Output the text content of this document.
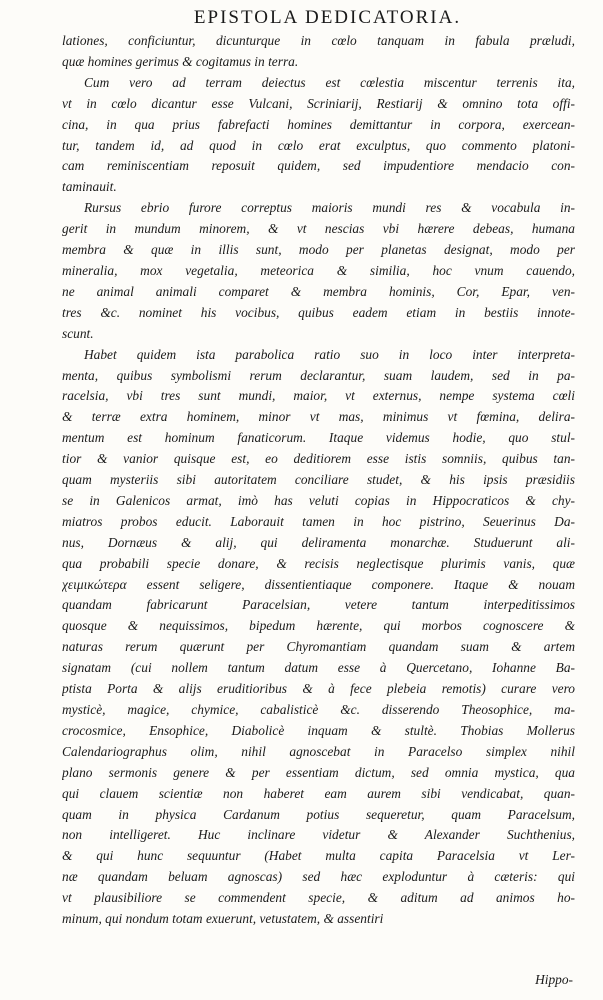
EPISTOLA DEDICATORIA.

lationes, conficiuntur, dicunturque in cœlo tanquam in fabula præludi,
quæ homines gerimus & cogitamus in terra.

Cum vero ad terram deiectus est cœlestia miscentur terrenis ita,
vt in cœlo dicantur esse Vulcani, Scriniarij, Restiarij & omnino tota offi-
cina, in qua prius fabrefacti homines demittantur in corpora, exercean-
tur, tandem id, ad quod in cœlo erat exculptus, quo commento platoni-
cam reminiscentiam reposuit quidem, sed impudentiore mendacio con-
taminauit.

Rursus ebrio furore correptus maioris mundi res & vocabula in-
gerit in mundum minorem, & vt nescias vbi hærere debeas, humana
membra & quæ in illis sunt, modo per planetas designat, modo per
mineralia, mox vegetalia, meteorica & similia, hoc vnum cauendo,
ne animal animali comparet & membra hominis, Cor, Epar, ven-
tres &c. nominet his vocibus, quibus eadem etiam in bestiis innote-
scunt.

Habet quidem ista parabolica ratio suo in loco inter interpreta-
menta, quibus symbolismi rerum declarantur, suam laudem, sed in pa-
racelsia, vbi tres sunt mundi, maior, vt externus, nempe systema cœli
& terræ extra hominem, minor vt mas, minimus vt fœmina, delira-
mentum est hominum fanaticorum. Itaque videmus hodie, quo stul-
tior & vanior quisque est, eo deditiorem esse istis somniis, quibus tan-
quam mysteriis sibi autoritatem conciliare studet, & his ipsis præsidiis
se in Galenicos armat, imò has veluti copias in Hippocraticos & chy-
miatros probos educit. Laborauit tamen in hoc pistrino, Seuerinus Da-
nus, Dornæus & alij, qui deliramenta monarchæ. Studuerunt ali-
qua probabili specie donare, & recisis neglectisque plurimis vanis, quæ
χειμικώτερα essent seligere, dissentientiaque componere. Itaque & nouam
quandam fabricarunt Paracelsian, vetere tantum interpeditissimos
quosque & nequissimos, bipedum hærente, qui morbos cognoscere &
naturas rerum quærunt per Chyromantiam quandam suam & artem
signatam (cui nollem tantum datum esse à Quercetano, Iohanne Ba-
ptista Porta & alijs eruditioribus & à fece plebeia remotis) curare vero
mysticè, magice, chymice, cabalisticè &c. disserendo Theosophice, ma-
crocosmice, Ensophice, Diabolicè inquam & stultè. Thobias Mollerus
Calendariographus olim, nihil agnoscebat in Paracelso simplex nihil
plano sermonis genere & per essentiam dictum, sed omnia mystica, qua
qui clauem scientiæ non haberet eam aurem sibi vendicabat, quan-
quam in physica Cardanum potius sequeretur, quam Paracelsum,
non intelligeret. Huc inclinare videtur & Alexander Suchthenius,
& qui hunc sequuntur (Habet multa capita Paracelsia vt Ler-
næ quandam beluam agnoscas) sed hæc exploduntur à cæteris: qui
vt plausibiliore se commendent specie, & aditum ad animos ho-
minum, qui nondum totam exuerunt, vetustatem, & assentiri

Hippo-
